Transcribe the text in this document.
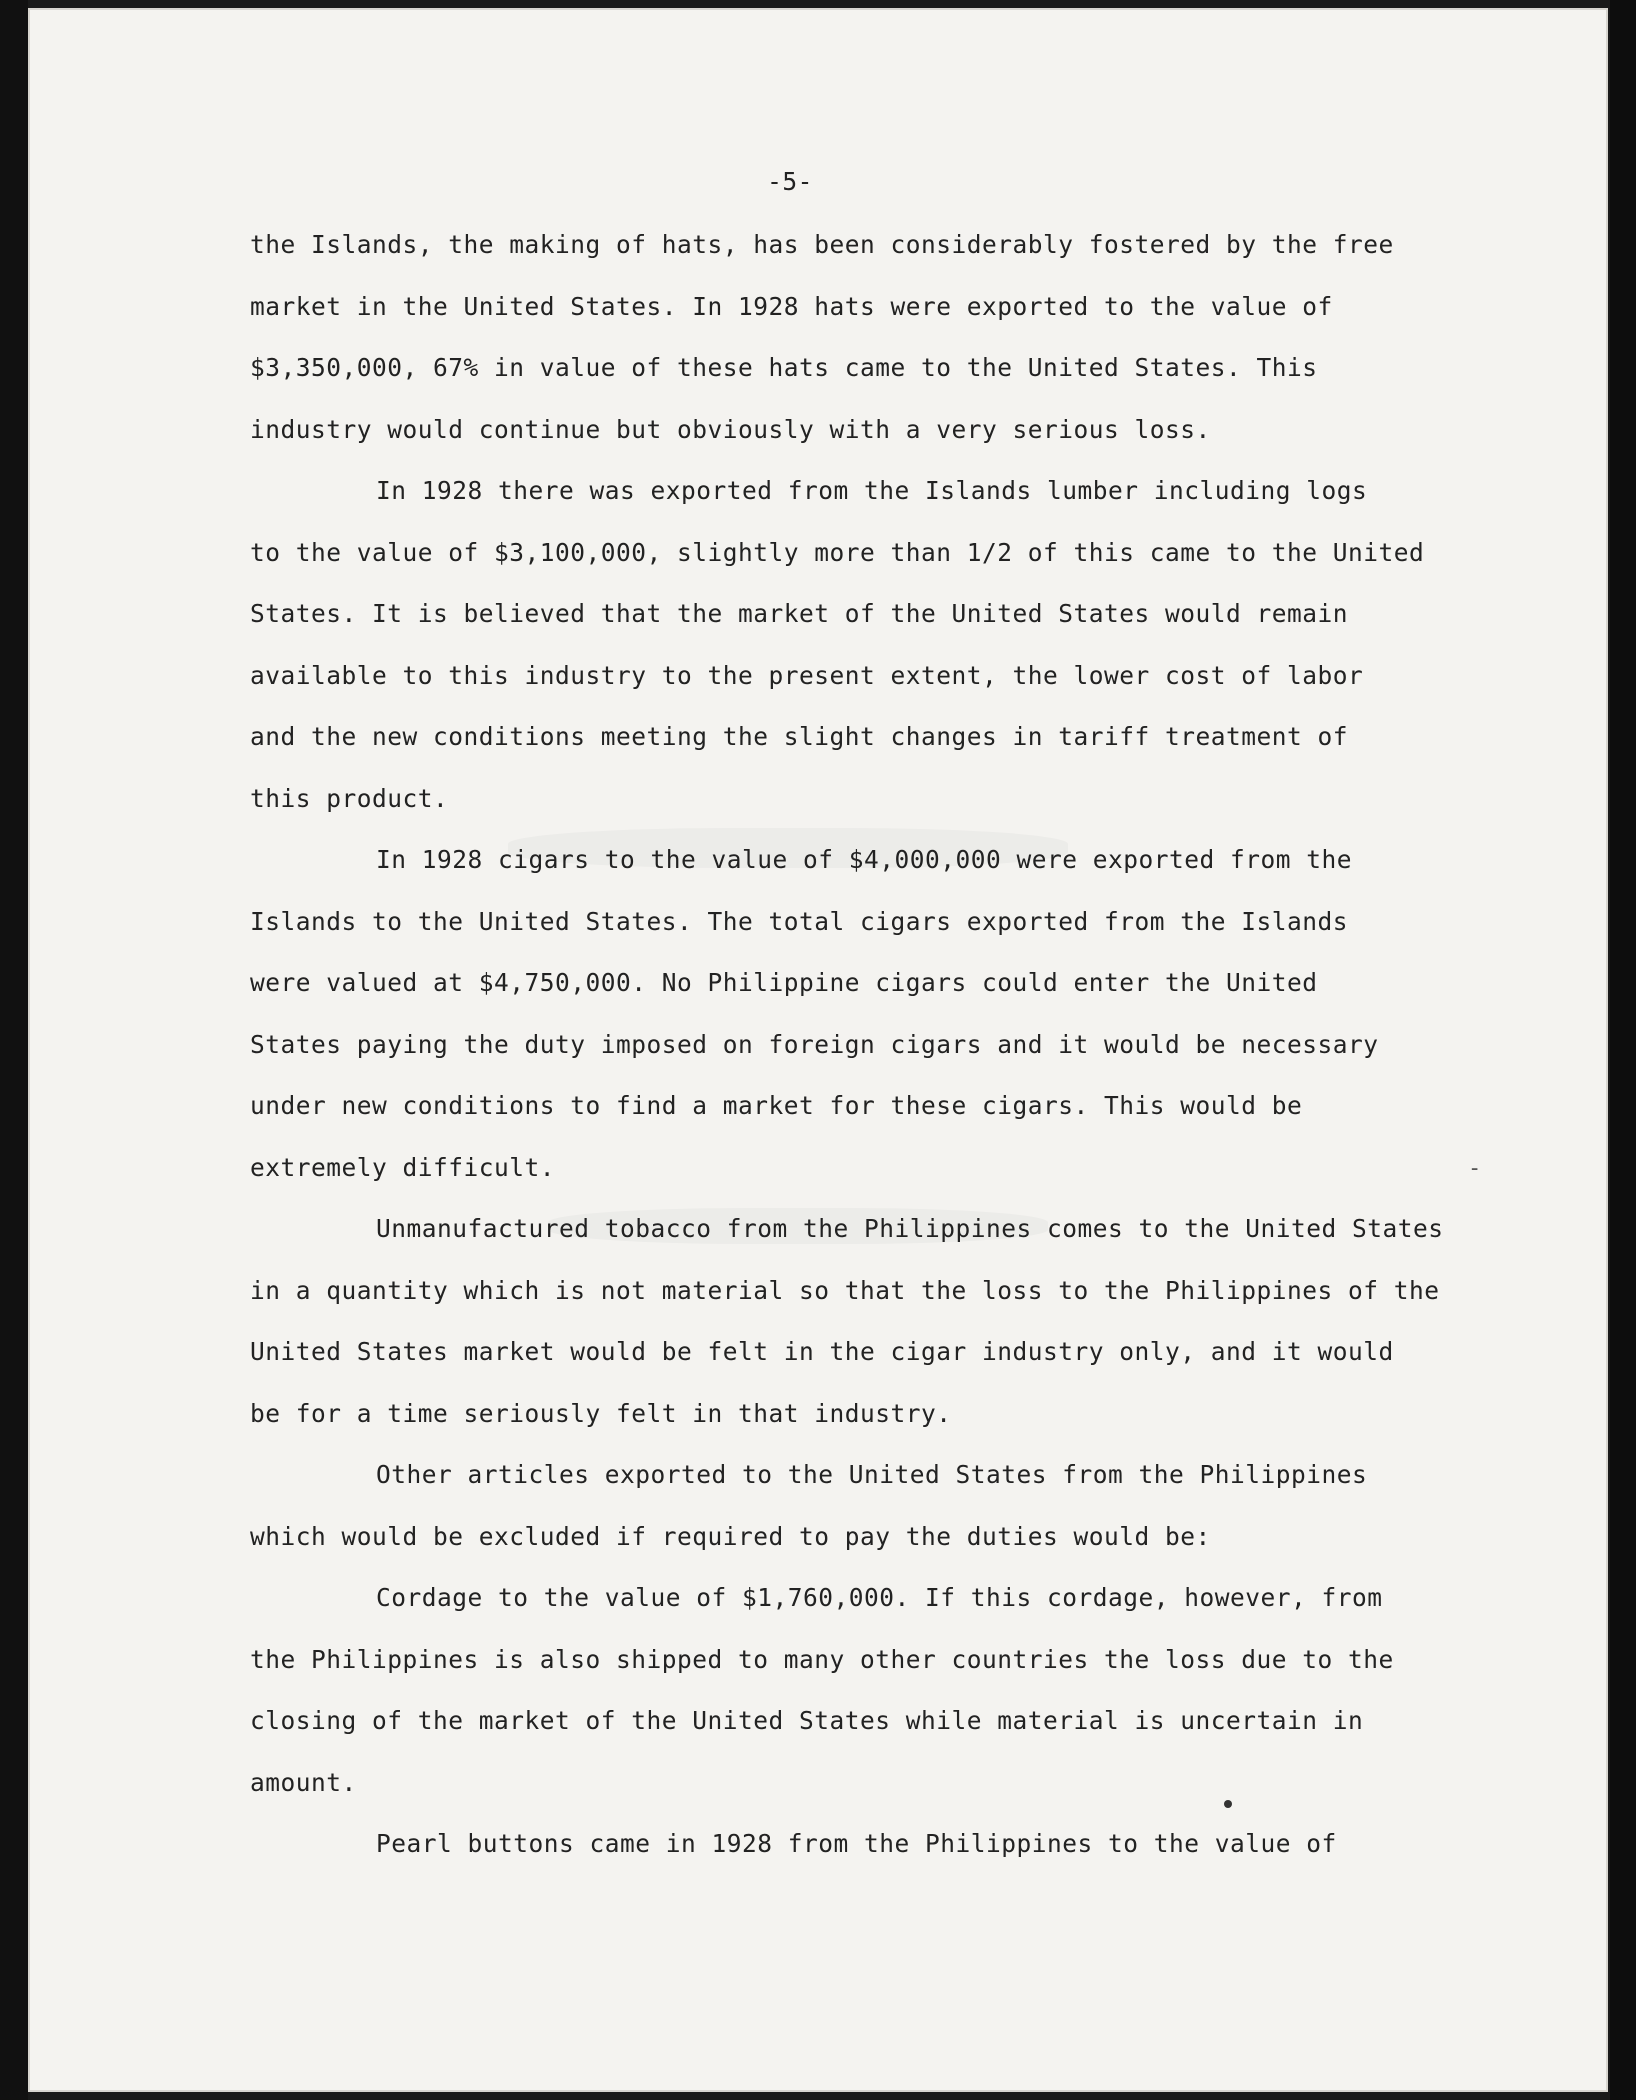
-
-5-
the Islands, the making of hats, has been considerably fostered by the free
market in the United States. In 1928 hats were exported to the value of
$3,350,000, 67% in value of these hats came to the United States. This
industry would continue but obviously with a very serious loss.
In 1928 there was exported from the Islands lumber including logs
to the value of $3,100,000, slightly more than 1/2 of this came to the United
States. It is believed that the market of the United States would remain
available to this industry to the present extent, the lower cost of labor
and the new conditions meeting the slight changes in tariff treatment of
this product.
In 1928 cigars to the value of $4,000,000 were exported from the
Islands to the United States. The total cigars exported from the Islands
were valued at $4,750,000. No Philippine cigars could enter the United
States paying the duty imposed on foreign cigars and it would be necessary
under new conditions to find a market for these cigars. This would be
extremely difficult.
Unmanufactured tobacco from the Philippines comes to the United States
in a quantity which is not material so that the loss to the Philippines of the
United States market would be felt in the cigar industry only, and it would
be for a time seriously felt in that industry.
Other articles exported to the United States from the Philippines
which would be excluded if required to pay the duties would be:
Cordage to the value of $1,760,000. If this cordage, however, from
the Philippines is also shipped to many other countries the loss due to the
closing of the market of the United States while material is uncertain in
amount.
Pearl buttons came in 1928 from the Philippines to the value of
